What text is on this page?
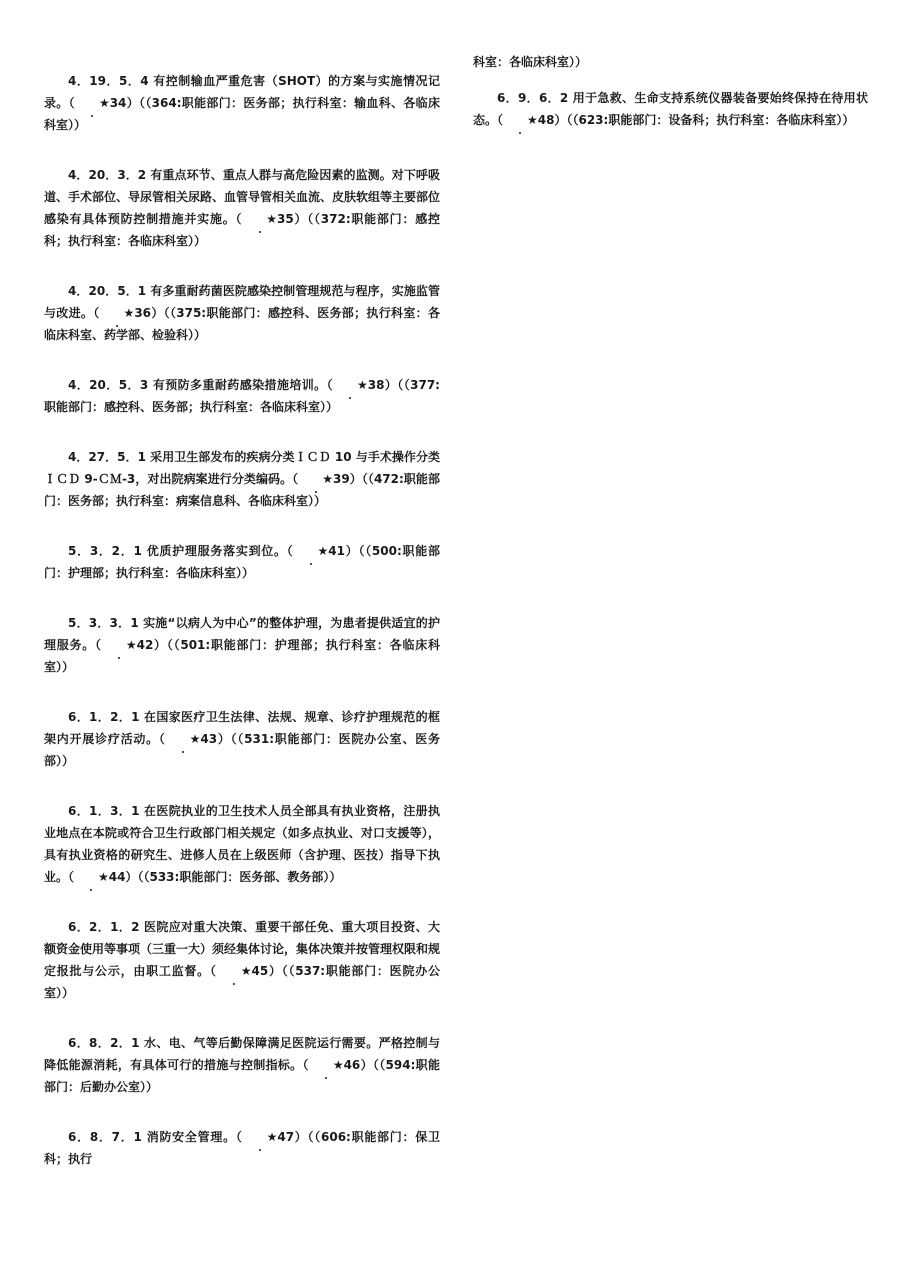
4．19．5．4 有控制输血严重危害（SHOT）的方案与实施情况记录。（ ★34）（（364:职能部门：医务部；执行科室：输血科、各临床科室））

4．20．3．2 有重点环节、重点人群与高危险因素的监测。对下呼吸道、手术部位、导尿管相关尿路、血管导管相关血流、皮肤软组等主要部位感染有具体预防控制措施并实施。（ ★35）（（372:职能部门：感控科；执行科室：各临床科室））

4．20．5．1 有多重耐药菌医院感染控制管理规范与程序，实施监管与改进。（ ★36）（（375:职能部门：感控科、医务部；执行科室：各临床科室、药学部、检验科））

4．20．5．3 有预防多重耐药感染措施培训。（ ★38）（（377:职能部门：感控科、医务部；执行科室：各临床科室））

4．27．5．1 采用卫生部发布的疾病分类ＩＣＤ 10 与手术操作分类ＩＣＤ 9-ＣＭ-3，对出院病案进行分类编码。（ ★39）（（472:职能部门：医务部；执行科室：病案信息科、各临床科室））

5．3．2．1 优质护理服务落实到位。（ ★41）（（500:职能部门：护理部；执行科室：各临床科室））

5．3．3．1 实施“以病人为中心”的整体护理，为患者提供适宜的护理服务。（ ★42）（（501:职能部门：护理部；执行科室：各临床科室））

6．1．2．1 在国家医疗卫生法律、法规、规章、诊疗护理规范的框架内开展诊疗活动。（ ★43）（（531:职能部门：医院办公室、医务部））

6．1．3．1 在医院执业的卫生技术人员全部具有执业资格，注册执业地点在本院或符合卫生行政部门相关规定（如多点执业、对口支援等），具有执业资格的研究生、进修人员在上级医师（含护理、医技）指导下执业。（ ★44）（（533:职能部门：医务部、教务部））

6．2．1．2 医院应对重大决策、重要干部任免、重大项目投资、大额资金使用等事项（三重一大）须经集体讨论，集体决策并按管理权限和规定报批与公示，由职工监督。（ ★45）（（537:职能部门：医院办公室））

6．8．2．1 水、电、气等后勤保障满足医院运行需要。严格控制与降低能源消耗，有具体可行的措施与控制指标。（ ★46）（（594:职能部门：后勤办公室））

6．8．7．1 消防安全管理。（ ★47）（（606:职能部门：保卫科；执行

科室：各临床科室））

6．9．6．2 用于急救、生命支持系统仪器装备要始终保持在待用状态。（ ★48）（（623:职能部门：设备科；执行科室：各临床科室））
